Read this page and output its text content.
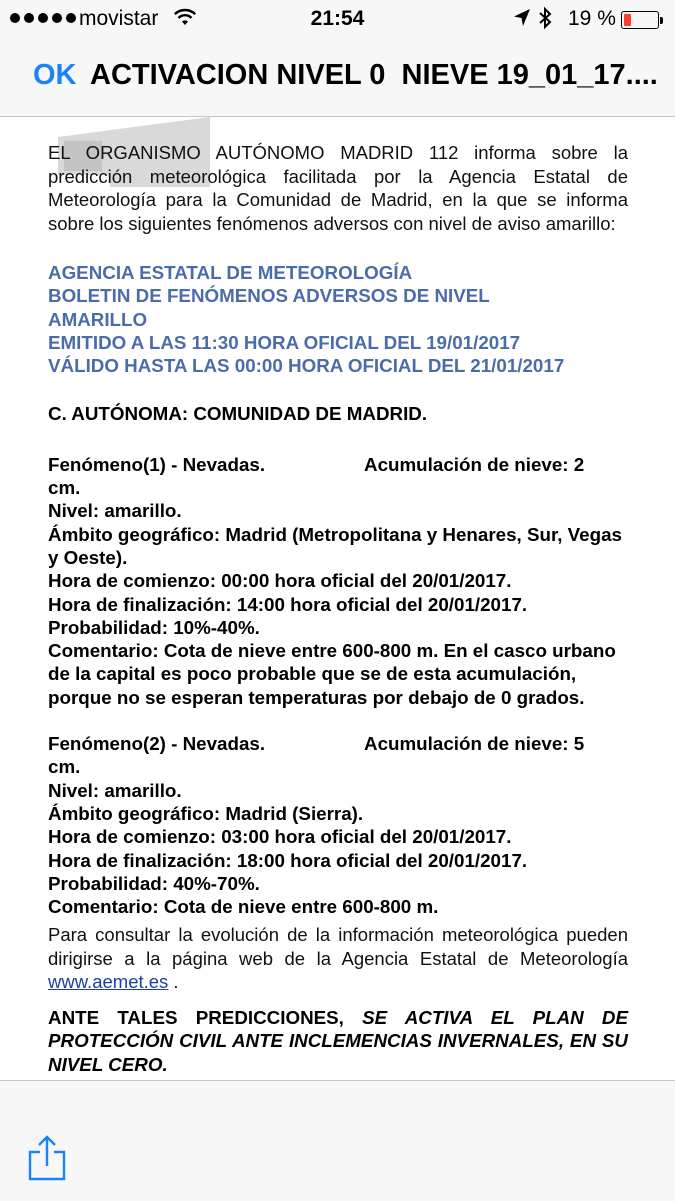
movistar	21:54	19 %
OK ACTIVACION NIVEL 0  NIEVE 19_01_17....

EL ORGANISMO AUTÓNOMO MADRID 112 informa sobre la predicción meteorológica facilitada por la Agencia Estatal de Meteorología para la Comunidad de Madrid, en la que se informa sobre los siguientes fenómenos adversos con nivel de aviso amarillo:

AGENCIA ESTATAL DE METEOROLOGÍA
BOLETIN DE FENÓMENOS ADVERSOS DE NIVEL
AMARILLO
EMITIDO A LAS 11:30 HORA OFICIAL DEL 19/01/2017
VÁLIDO HASTA LAS 00:00 HORA OFICIAL DEL 21/01/2017
C. AUTÓNOMA: COMUNIDAD DE MADRID.
Fenómeno(1) - Nevadas.	Acumulación de nieve: 2
cm.
Nivel: amarillo.
Ámbito geográfico: Madrid (Metropolitana y Henares, Sur, Vegas y Oeste).
Hora de comienzo: 00:00 hora oficial del 20/01/2017.
Hora de finalización: 14:00 hora oficial del 20/01/2017.
Probabilidad: 10%-40%.
Comentario: Cota de nieve entre 600-800 m. En el casco urbano de la capital es poco probable que se de esta acumulación, porque no se esperan temperaturas por debajo de 0 grados.
Fenómeno(2) - Nevadas.	Acumulación de nieve: 5
cm.
Nivel: amarillo.
Ámbito geográfico: Madrid (Sierra).
Hora de comienzo: 03:00 hora oficial del 20/01/2017.
Hora de finalización: 18:00 hora oficial del 20/01/2017.
Probabilidad: 40%-70%.
Comentario: Cota de nieve entre 600-800 m.

Para consultar la evolución de la información meteorológica pueden dirigirse a la página web de la Agencia Estatal de Meteorología www.aemet.es .

ANTE TALES PREDICCIONES, SE ACTIVA EL PLAN DE PROTECCIÓN CIVIL ANTE INCLEMENCIAS INVERNALES, EN SU NIVEL CERO.
